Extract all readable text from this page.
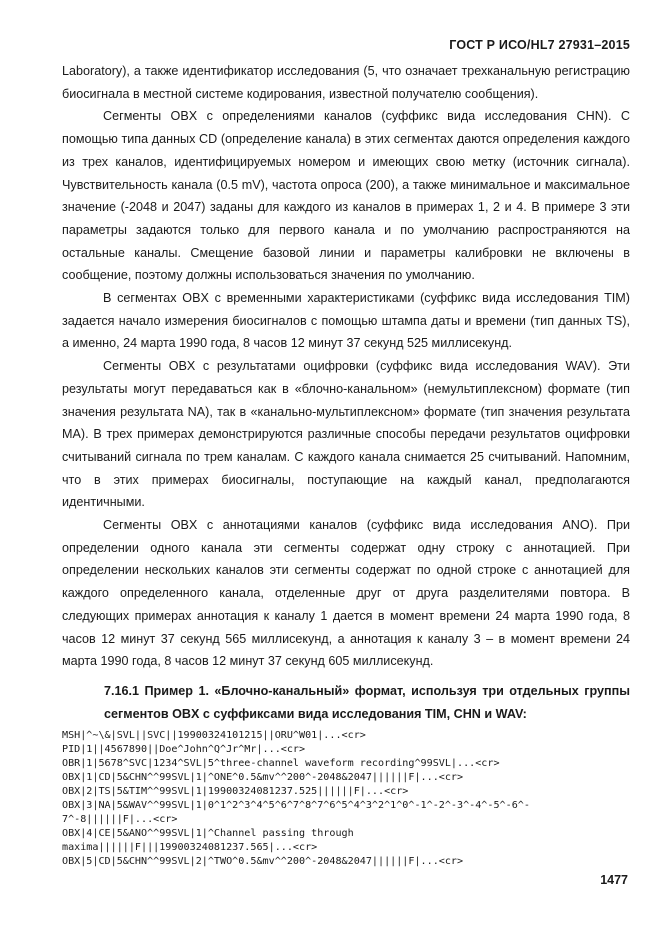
ГОСТ Р ИСО/HL7 27931–2015

Laboratory), а также идентификатор исследования (5, что означает трехканальную регистрацию биосигнала в местной системе кодирования, известной получателю сообщения).

Сегменты OBX с определениями каналов (суффикс вида исследования CHN). С помощью типа данных CD (определение канала) в этих сегментах даются определения каждого из трех каналов, идентифицируемых номером и имеющих свою метку (источник сигнала). Чувствительность канала (0.5 mV), частота опроса (200), а также минимальное и максимальное значение (-2048 и 2047) заданы для каждого из каналов в примерах 1, 2 и 4. В примере 3 эти параметры задаются только для первого канала и по умолчанию распространяются на остальные каналы. Смещение базовой линии и параметры калибровки не включены в сообщение, поэтому должны использоваться значения по умолчанию.

В сегментах OBX с временными характеристиками (суффикс вида исследования TIM) задается начало измерения биосигналов с помощью штампа даты и времени (тип данных TS), а именно, 24 марта 1990 года, 8 часов 12 минут 37 секунд 525 миллисекунд.

Сегменты OBX с результатами оцифровки (суффикс вида исследования WAV). Эти результаты могут передаваться как в «блочно-канальном» (немультиплексном) формате (тип значения результата NA), так в «канально-мультиплексном» формате (тип значения результата MA). В трех примерах демонстрируются различные способы передачи результатов оцифровки считываний сигнала по трем каналам. С каждого канала снимается 25 считываний. Напомним, что в этих примерах биосигналы, поступающие на каждый канал, предполагаются идентичными.

Сегменты OBX с аннотациями каналов (суффикс вида исследования ANO). При определении одного канала эти сегменты содержат одну строку с аннотацией. При определении нескольких каналов эти сегменты содержат по одной строке с аннотацией для каждого определенного канала, отделенные друг от друга разделителями повтора. В следующих примерах аннотация к каналу 1 дается в момент времени 24 марта 1990 года, 8 часов 12 минут 37 секунд 565 миллисекунд, а аннотация к каналу 3 – в момент времени 24 марта 1990 года, 8 часов 12 минут 37 секунд 605 миллисекунд.

7.16.1 Пример 1. «Блочно-канальный» формат, используя три отдельных группы сегментов OBX с суффиксами вида исследования TIM, CHN и WAV:
MSH|^~\&|SVL||SVC||19900324101215||ORU^W01|...<cr>
PID|1||4567890||Doe^John^Q^Jr^Mr|...<cr>
OBR|1|5678^SVC|1234^SVL|5^three-channel waveform recording^99SVL|...<cr>
OBX|1|CD|5&CHN^^99SVL|1|^ONE^0.5&mv^^200^-2048&2047||||||F|...<cr>
OBX|2|TS|5&TIM^^99SVL|1|19900324081237.525||||||F|...<cr>
OBX|3|NA|5&WAV^^99SVL|1|0^1^2^3^4^5^6^7^8^7^6^5^4^3^2^1^0^-1^-2^-3^-4^-5^-6^-
7^-8||||||F|...<cr>
OBX|4|CE|5&ANO^^99SVL|1|^Channel passing through
maxima||||||F|||19900324081237.565|...<cr>
OBX|5|CD|5&CHN^^99SVL|2|^TWO^0.5&mv^^200^-2048&2047||||||F|...<cr>
1477
